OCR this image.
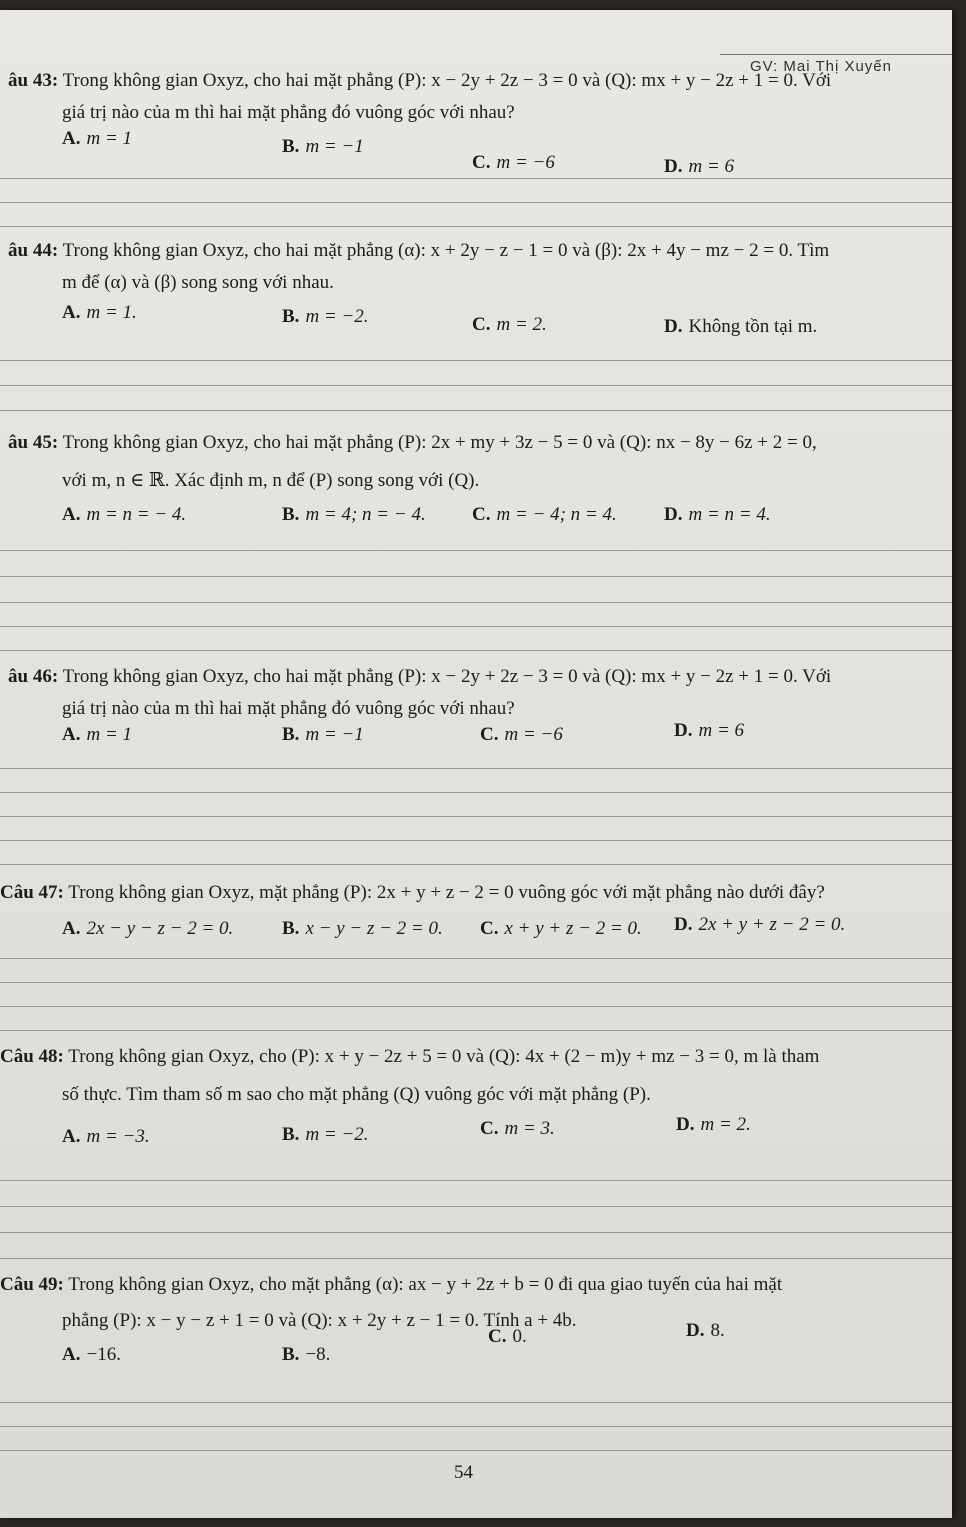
GV: Mai Thị Xuyến
âu 43: Trong không gian Oxyz, cho hai mặt phẳng (P): x − 2y + 2z − 3 = 0 và (Q): mx + y − 2z + 1 = 0. Với
giá trị nào của m thì hai mặt phẳng đó vuông góc với nhau?
A. m = 1	B. m = −1
C. m = −6	D. m = 6
âu 44: Trong không gian Oxyz, cho hai mặt phẳng (α): x + 2y − z − 1 = 0 và (β): 2x + 4y − mz − 2 = 0. Tìm
m để (α) và (β) song song với nhau.
A. m = 1.	B. m = −2.	C. m = 2.	D. Không tồn tại m.
âu 45: Trong không gian Oxyz, cho hai mặt phẳng (P): 2x + my + 3z − 5 = 0 và (Q): nx − 8y − 6z + 2 = 0,
với m, n ∈ ℝ. Xác định m, n để (P) song song với (Q).
A. m = n = − 4.	B. m = 4; n = − 4. C. m = − 4; n = 4. D. m = n = 4.
âu 46: Trong không gian Oxyz, cho hai mặt phẳng (P): x − 2y + 2z − 3 = 0 và (Q): mx + y − 2z + 1 = 0. Với
giá trị nào của m thì hai mặt phẳng đó vuông góc với nhau?
A. m = 1	B. m = −1	C. m = −6	D. m = 6
Câu 47: Trong không gian Oxyz, mặt phẳng (P): 2x + y + z − 2 = 0 vuông góc với mặt phẳng nào dưới đây?
A. 2x − y − z − 2 = 0.	B. x − y − z − 2 = 0. C. x + y + z − 2 = 0. D. 2x + y + z − 2 = 0.
Câu 48: Trong không gian Oxyz, cho (P): x + y − 2z + 5 = 0 và (Q): 4x + (2 − m)y + mz − 3 = 0, m là tham
số thực. Tìm tham số m sao cho mặt phẳng (Q) vuông góc với mặt phẳng (P).
A. m = −3.	B. m = −2.	C. m = 3.	D. m = 2.
Câu 49: Trong không gian Oxyz, cho mặt phẳng (α): ax − y + 2z + b = 0 đi qua giao tuyến của hai mặt
phẳng (P): x − y − z + 1 = 0 và (Q): x + 2y + z − 1 = 0. Tính a + 4b.
A. −16.	B. −8.
C. 0.	D. 8.
54
